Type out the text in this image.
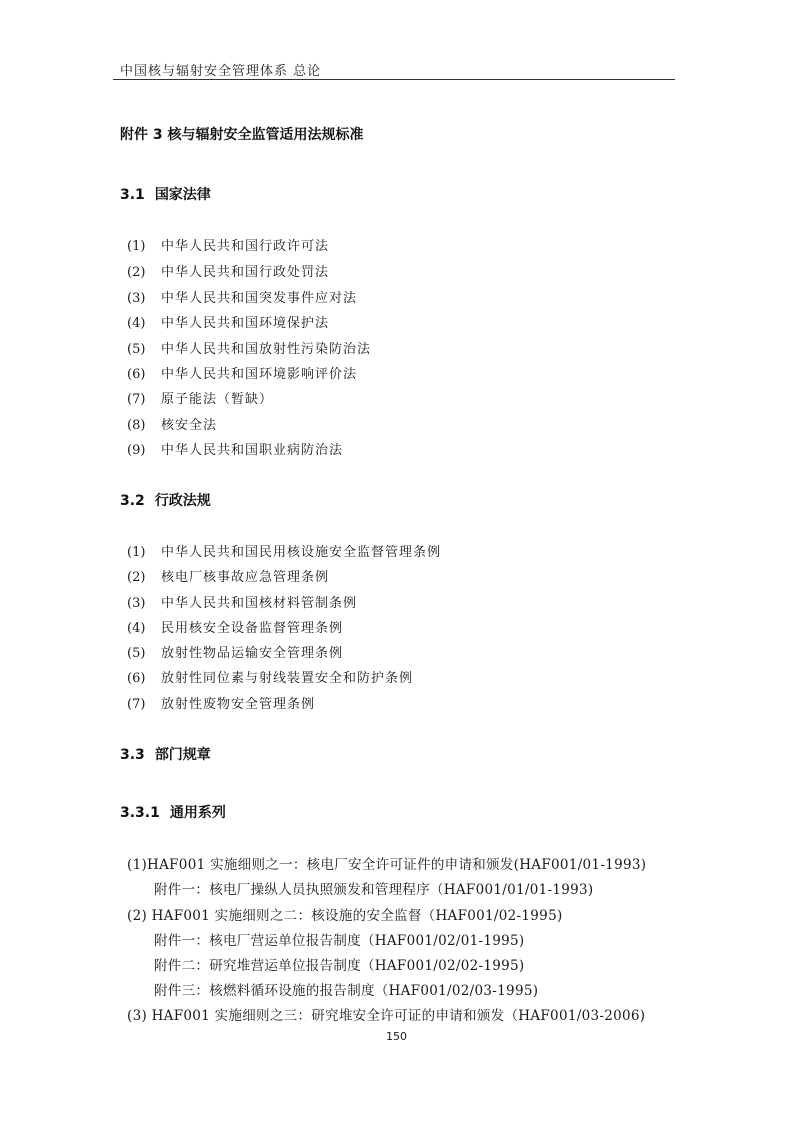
中国核与辐射安全管理体系 总论
附件 3 核与辐射安全监管适用法规标准
3.1 国家法律
(1) 中华人民共和国行政许可法
(2) 中华人民共和国行政处罚法
(3) 中华人民共和国突发事件应对法
(4) 中华人民共和国环境保护法
(5) 中华人民共和国放射性污染防治法
(6) 中华人民共和国环境影响评价法
(7) 原子能法（暂缺）
(8) 核安全法
(9) 中华人民共和国职业病防治法
3.2 行政法规
(1) 中华人民共和国民用核设施安全监督管理条例
(2) 核电厂核事故应急管理条例
(3) 中华人民共和国核材料管制条例
(4) 民用核安全设备监督管理条例
(5) 放射性物品运输安全管理条例
(6) 放射性同位素与射线装置安全和防护条例
(7) 放射性废物安全管理条例
3.3 部门规章
3.3.1 通用系列
(1)HAF001 实施细则之一：核电厂安全许可证件的申请和颁发(HAF001/01-1993)
附件一：核电厂操纵人员执照颁发和管理程序（HAF001/01/01-1993)
(2) HAF001 实施细则之二：核设施的安全监督（HAF001/02-1995)
附件一：核电厂营运单位报告制度（HAF001/02/01-1995)
附件二：研究堆营运单位报告制度（HAF001/02/02-1995)
附件三：核燃料循环设施的报告制度（HAF001/02/03-1995)
(3) HAF001 实施细则之三：研究堆安全许可证的申请和颁发（HAF001/03-2006)
150
